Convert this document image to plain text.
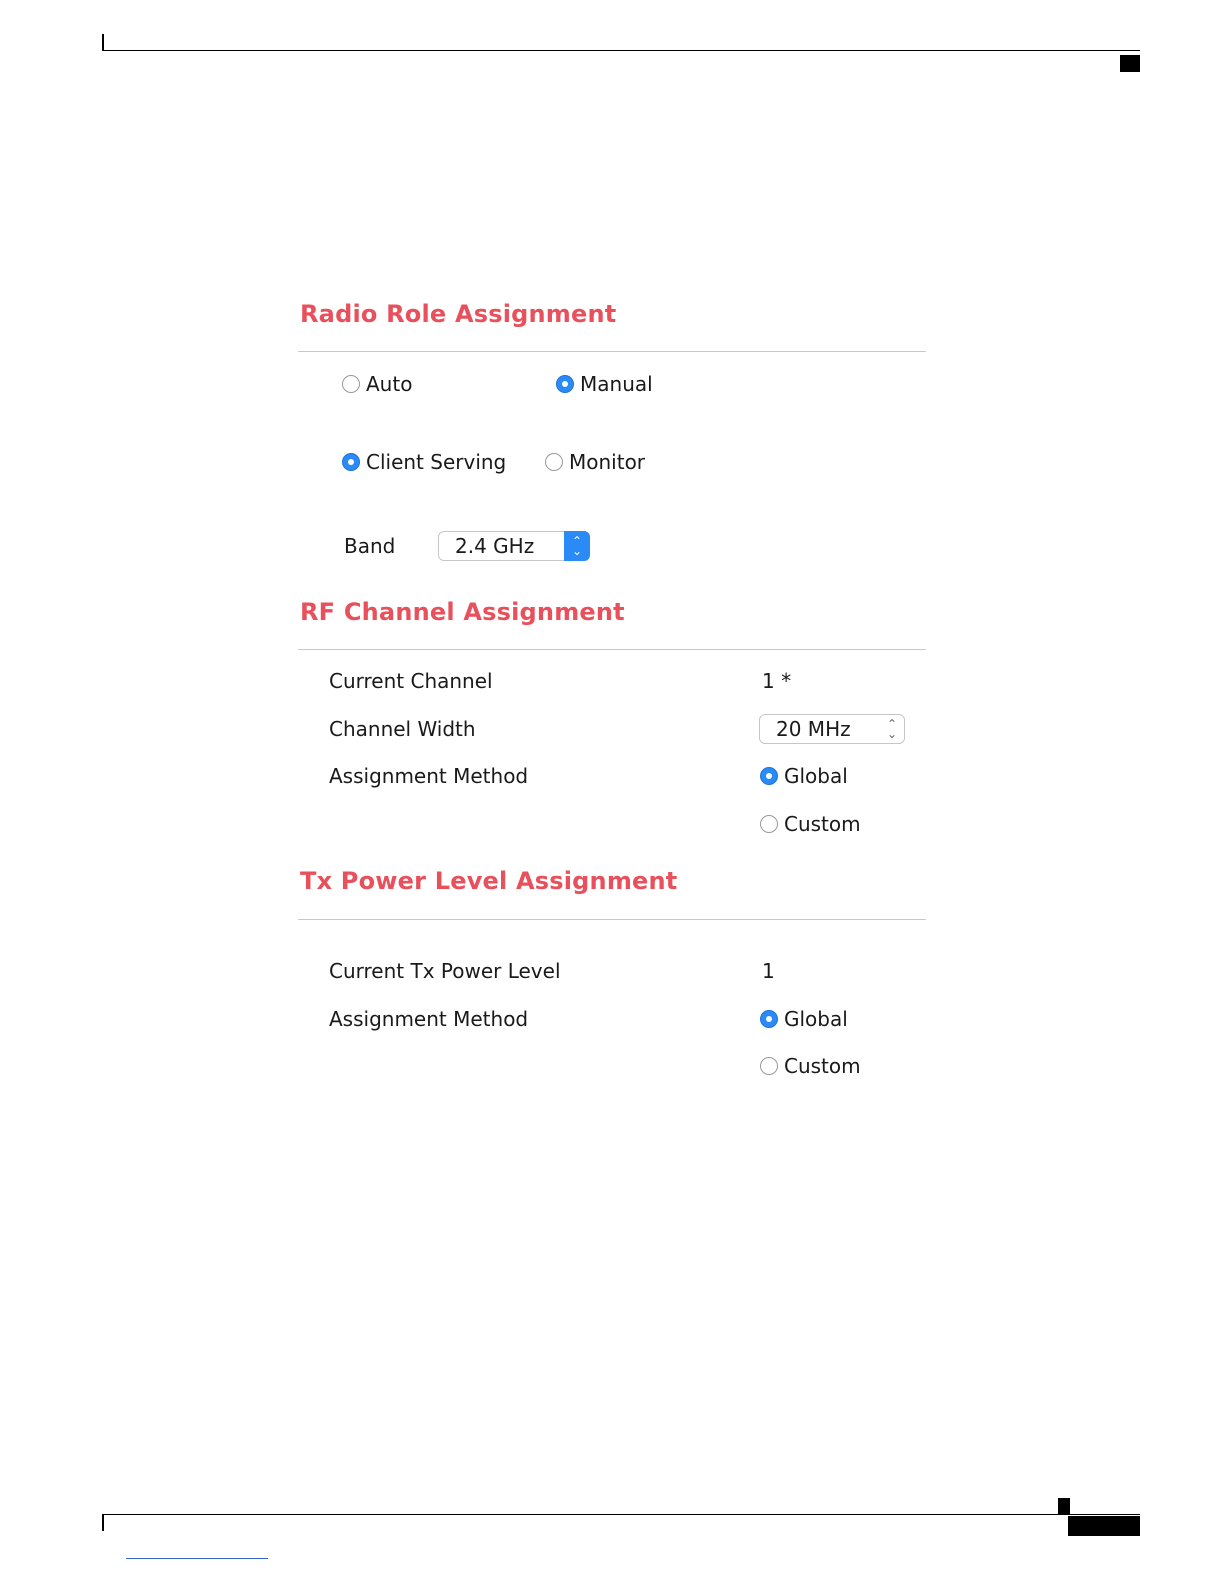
Radio Role Assignment
Auto	Manual
Client Serving	Monitor
Band	2.4 GHz	⌃
⌄
RF Channel Assignment
Current Channel	1 *
Channel Width	20 MHz	⌃
⌄
Assignment Method	Global
Custom
Tx Power Level Assignment
Current Tx Power Level	1
Assignment Method	Global
Custom
